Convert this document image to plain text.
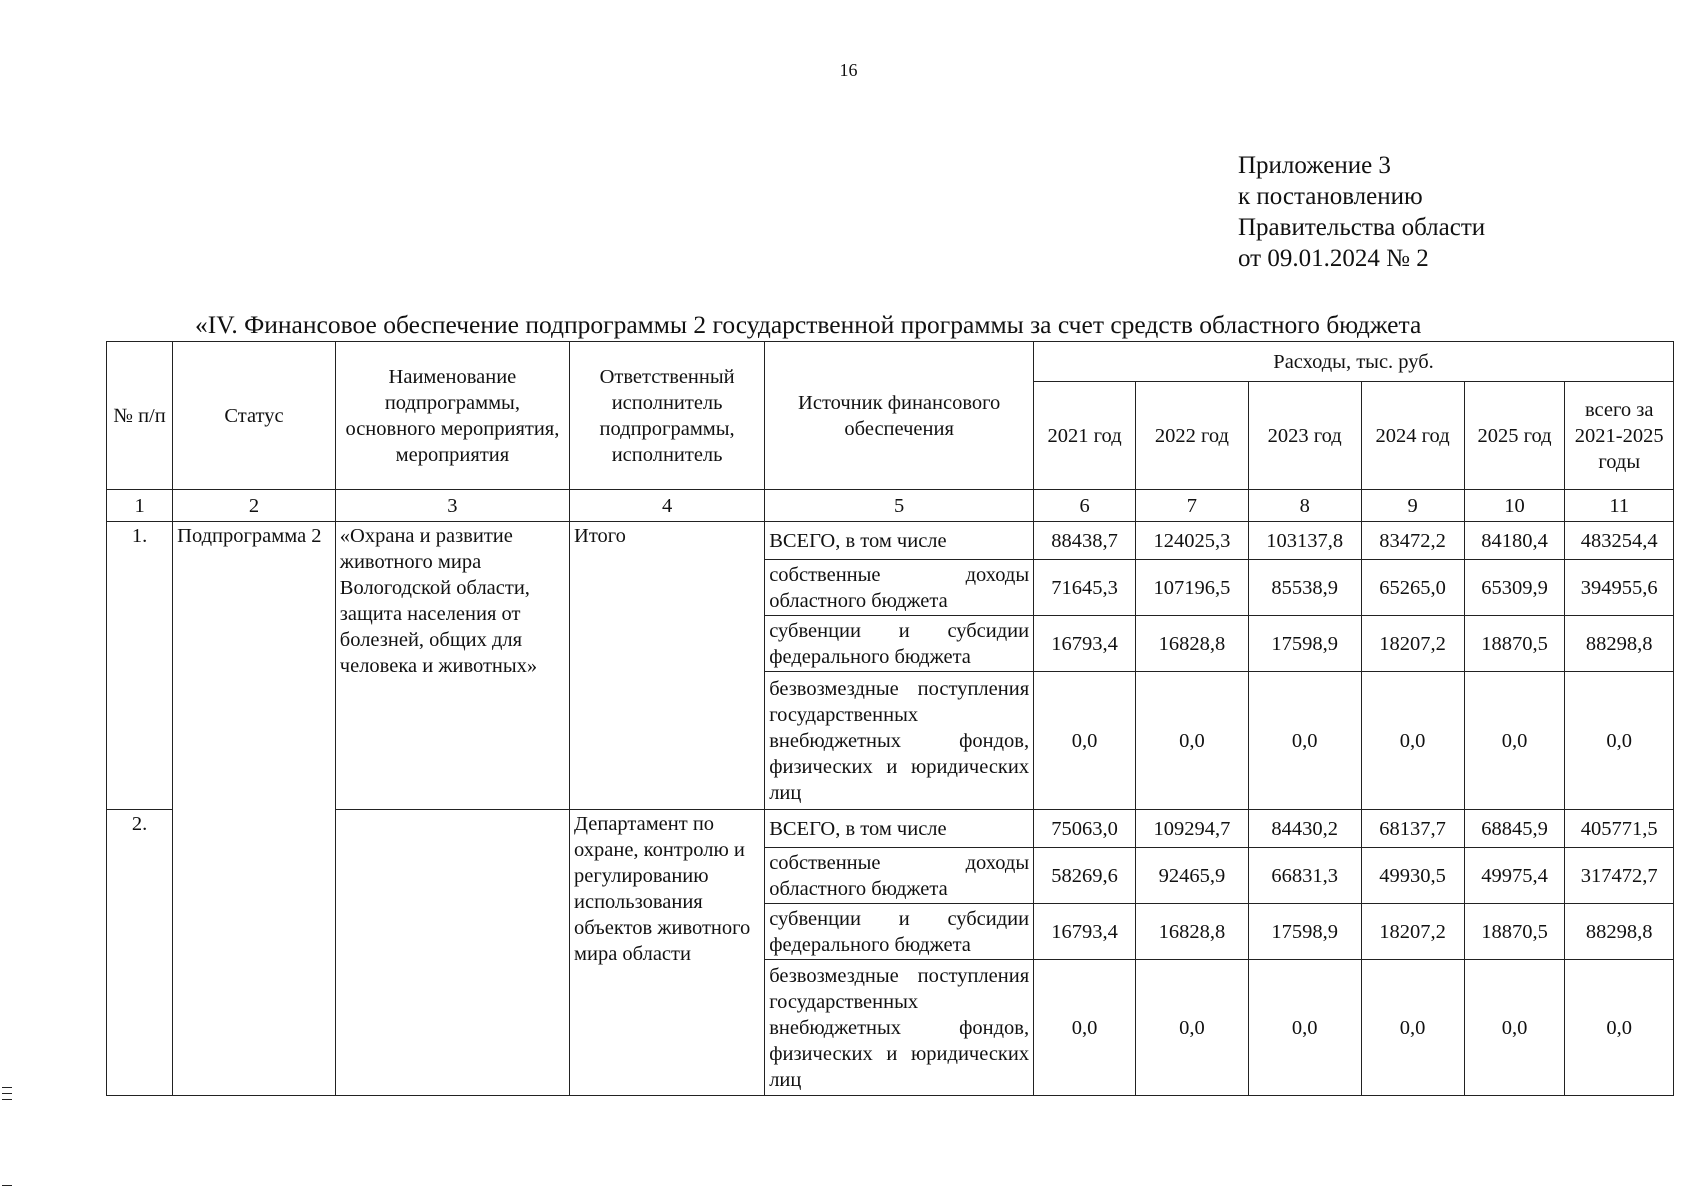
16
Приложение 3
к постановлению
Правительства области
от 09.01.2024 № 2
«IV. Финансовое обеспечение подпрограммы 2 государственной программы за счет средств областного бюджета
№ п/п	Статус	Наименование подпрограммы, основного мероприятия, мероприятия	Ответственный исполнитель подпрограммы, исполнитель	Источник финансового обеспечения	Расходы, тыс. руб.					
					2021 год	2022 год	2023 год	2024 год	2025 год	всего за 2021-2025 годы
1	2	3	4	5	6	7	8	9	10	11
1.	Подпрограмма 2	«Охрана и развитие животного мира Вологодской области, защита населения от болезней, общих для человека и животных»	Итого	ВСЕГО, в том числе	88438,7	124025,3	103137,8	83472,2	84180,4	483254,4
				собственные доходы областного бюджета	71645,3	107196,5	85538,9	65265,0	65309,9	394955,6
				субвенции и субсидии федерального бюджета	16793,4	16828,8	17598,9	18207,2	18870,5	88298,8
				безвозмездные поступления государственных внебюджетных фондов, физических и юридических лиц	0,0	0,0	0,0	0,0	0,0	0,0
2.			Департамент по охране, контролю и регулированию использования объектов животного мира области	ВСЕГО, в том числе	75063,0	109294,7	84430,2	68137,7	68845,9	405771,5
				собственные доходы областного бюджета	58269,6	92465,9	66831,3	49930,5	49975,4	317472,7
				субвенции и субсидии федерального бюджета	16793,4	16828,8	17598,9	18207,2	18870,5	88298,8
				безвозмездные поступления государственных внебюджетных фондов, физических и юридических лиц	0,0	0,0	0,0	0,0	0,0	0,0
